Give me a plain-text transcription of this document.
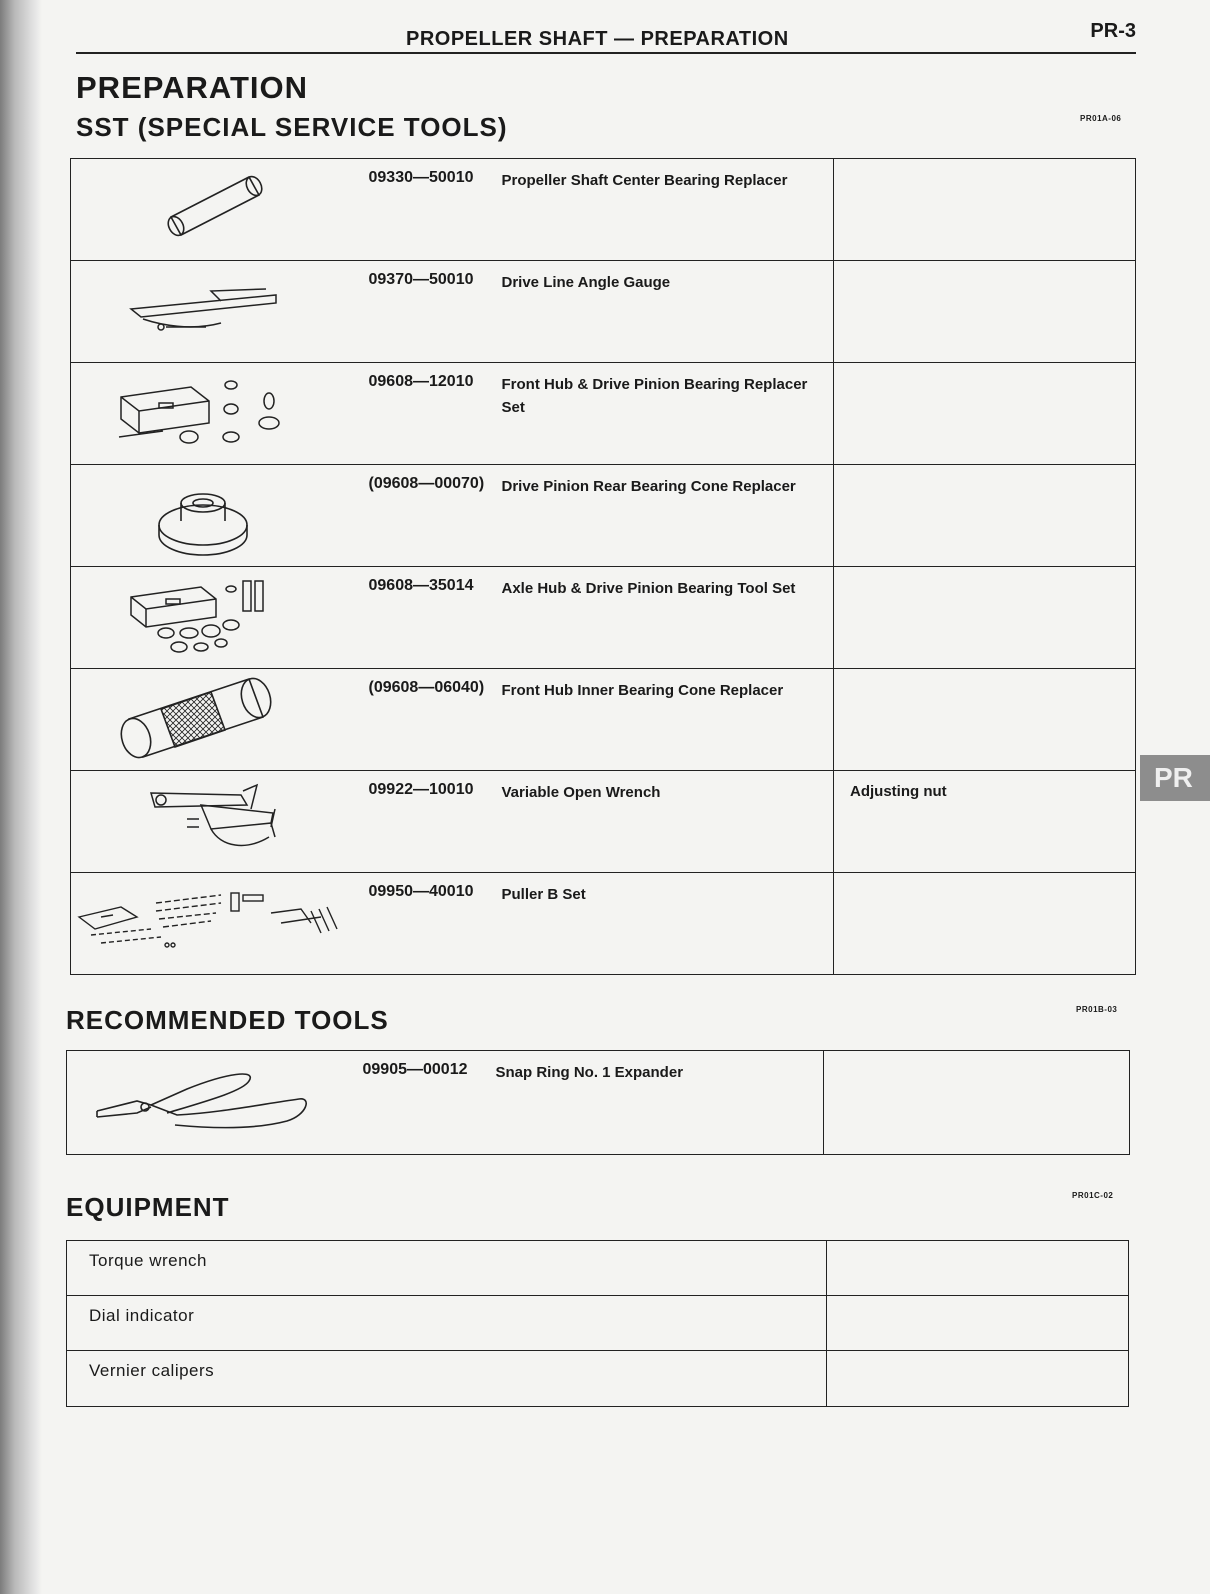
PROPELLER SHAFT — PREPARATION	PR-3
PREPARATION
SST (SPECIAL SERVICE TOOLS)	PR01A-06
	09330—50010	Propeller Shaft Center Bearing Replacer	

	09370—50010	Drive Line Angle Gauge	

	09608—12010	Front Hub & Drive Pinion Bearing Replacer Set	

	(09608—00070)	Drive Pinion Rear Bearing Cone Replacer	

	09608—35014	Axle Hub & Drive Pinion Bearing Tool Set	

	(09608—06040)	Front Hub Inner Bearing Cone Replacer	

	09922—10010	Variable Open Wrench	Adjusting nut

	09950—40010	Puller B Set	
RECOMMENDED TOOLS	PR01B-03
	09905—00012	Snap Ring No. 1 Expander	
EQUIPMENT	PR01C-02
Torque wrench	
Dial indicator	
Vernier calipers	
PR
